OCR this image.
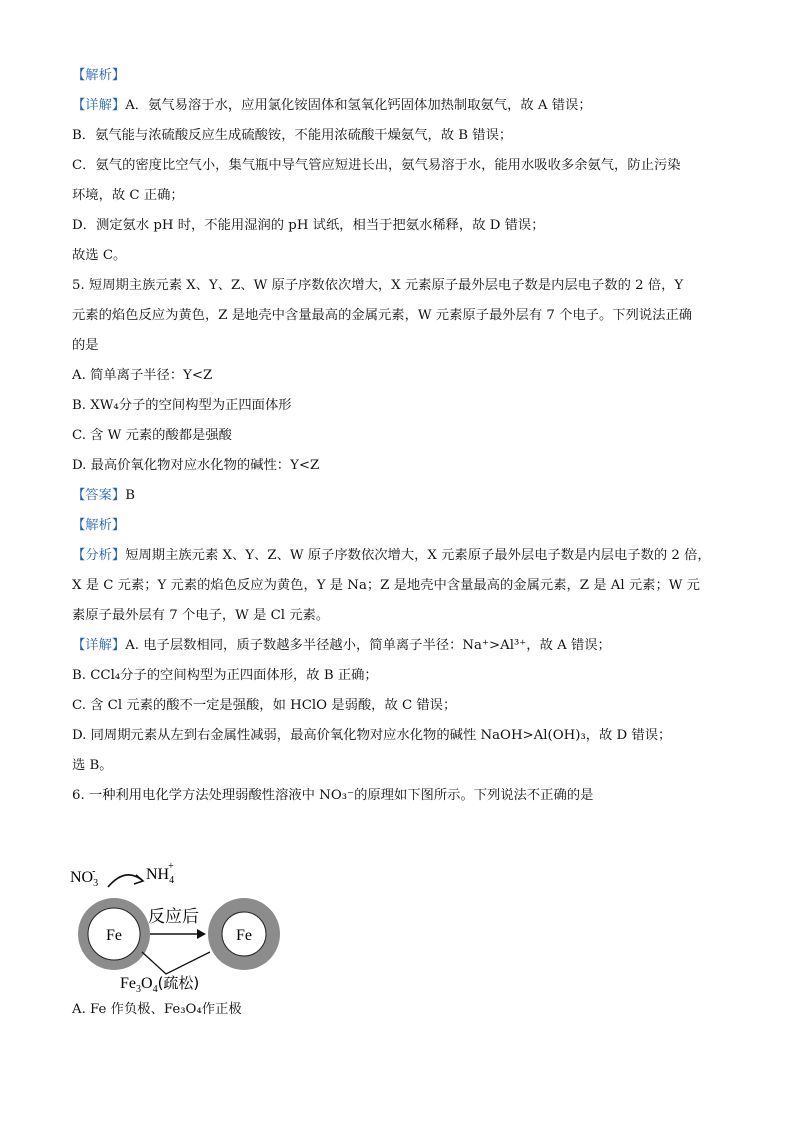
【解析】
【详解】A．氨气易溶于水，应用氯化铵固体和氢氧化钙固体加热制取氨气，故 A 错误；
B．氨气能与浓硫酸反应生成硫酸铵，不能用浓硫酸干燥氨气，故 B 错误；
C．氨气的密度比空气小，集气瓶中导气管应短进长出，氨气易溶于水，能用水吸收多余氨气，防止污染
环境，故 C 正确；
D．测定氨水 pH 时，不能用湿润的 pH 试纸，相当于把氨水稀释，故 D 错误；
故选 C。
5. 短周期主族元素 X、Y、Z、W 原子序数依次增大，X 元素原子最外层电子数是内层电子数的 2 倍，Y
元素的焰色反应为黄色，Z 是地壳中含量最高的金属元素，W 元素原子最外层有 7 个电子。下列说法正确
的是
A. 简单离子半径：Y<Z
B. XW₄分子的空间构型为正四面体形
C. 含 W 元素的酸都是强酸
D. 最高价氧化物对应水化物的碱性：Y<Z
【答案】B
【解析】
【分析】短周期主族元素 X、Y、Z、W 原子序数依次增大，X 元素原子最外层电子数是内层电子数的 2 倍，
X 是 C 元素；Y 元素的焰色反应为黄色，Y 是 Na；Z 是地壳中含量最高的金属元素，Z 是 Al 元素；W 元
素原子最外层有 7 个电子，W 是 Cl 元素。
【详解】A. 电子层数相同，质子数越多半径越小，简单离子半径：Na⁺>Al³⁺，故 A 错误；
B. CCl₄分子的空间构型为正四面体形，故 B 正确；
C. 含 Cl 元素的酸不一定是强酸，如 HClO 是弱酸，故 C 错误；
D. 同周期元素从左到右金属性减弱，最高价氧化物对应水化物的碱性 NaOH>Al(OH)₃，故 D 错误；
选 B。
6. 一种利用电化学方法处理弱酸性溶液中 NO₃⁻的原理如下图所示。下列说法不正确的是
A. Fe 作负极、Fe₃O₄作正极
$NO_3-$	$NH_4+$
Fe	Fe
反应后
$Fe_3O_4$(疏松)
